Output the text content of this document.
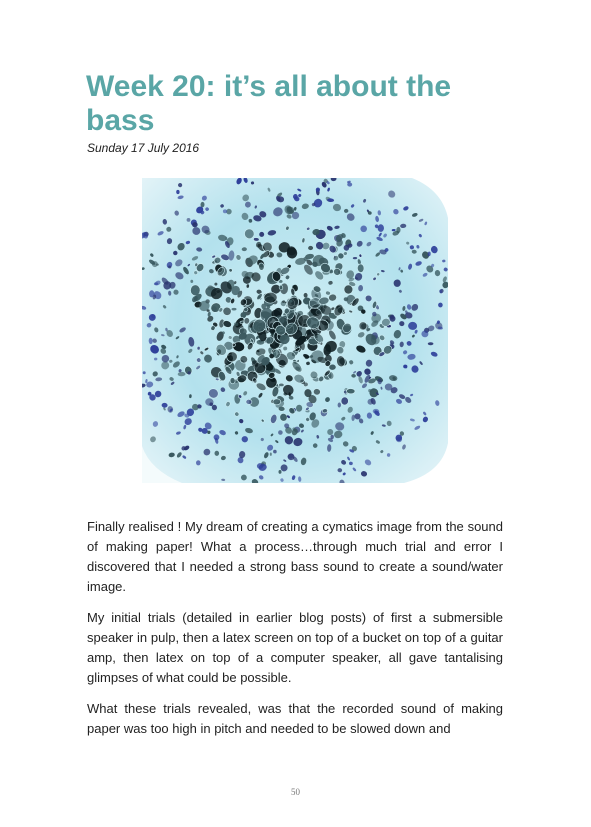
Week 20: it’s all about the bass
Sunday 17 July 2016

Finally realised ! My dream of creating a cymatics image from the sound of making paper! What a process…through much trial and error I discovered that I needed a strong bass sound to create a sound/water image.

My initial trials (detailed in earlier blog posts) of first a submersible speaker in pulp, then a latex screen on top of a bucket on top of a guitar amp, then latex on top of a computer speaker, all gave tantalising glimpses of what could be possible.

What these trials revealed, was that the recorded sound of making paper was too high in pitch and needed to be slowed down and

50
